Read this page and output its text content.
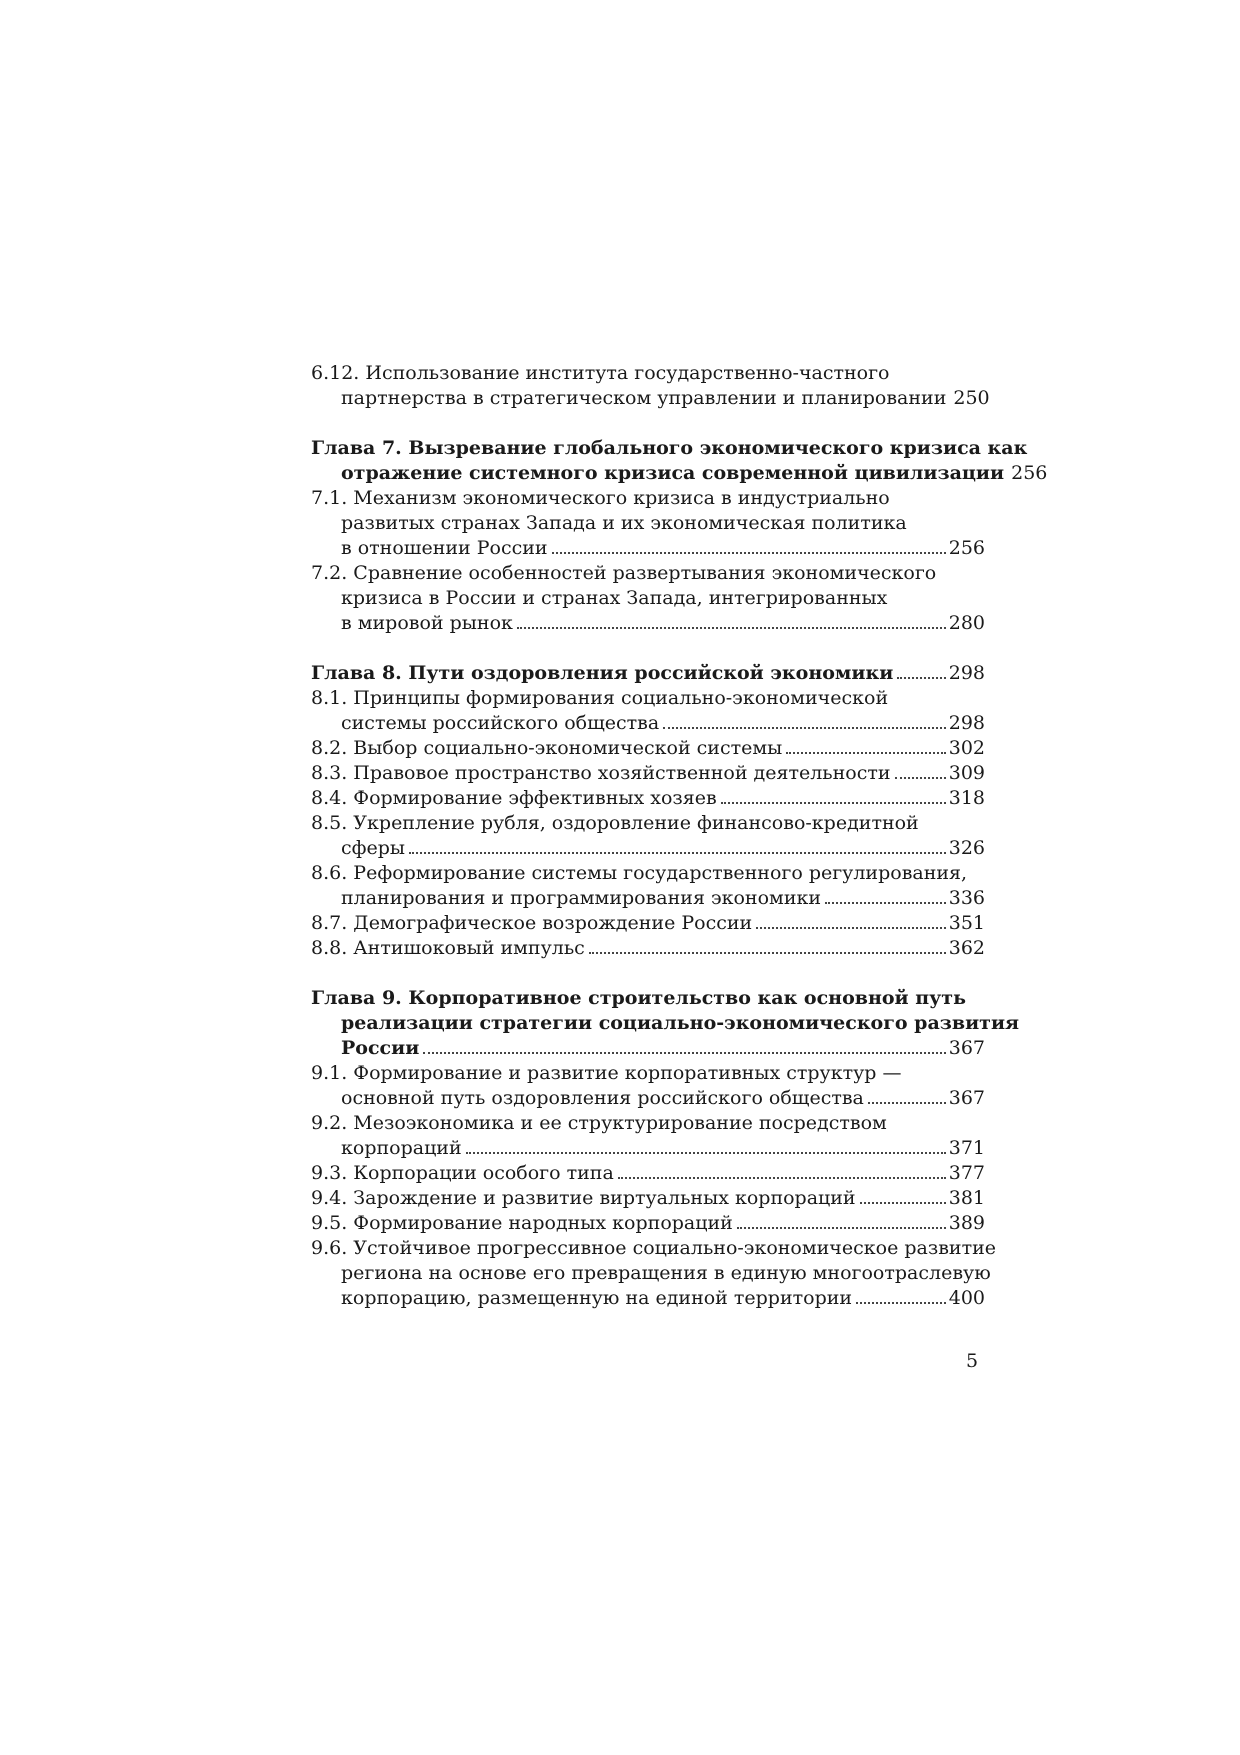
6.12. Использование института государственно-частного
партнерства в стратегическом управлении и планировании 250
Глава 7. Вызревание глобального экономического кризиса как
отражение системного кризиса современной цивилизации 256
7.1. Механизм экономического кризиса в индустриально
развитых странах Запада и их экономическая политика
в отношении России	256
7.2. Сравнение особенностей развертывания экономического
кризиса в России и странах Запада, интегрированных
в мировой рынок	280
Глава 8. Пути оздоровления российской экономики	298
8.1. Принципы формирования социально-экономической
системы российского общества	298
8.2. Выбор социально-экономической системы	302
8.3. Правовое пространство хозяйственной деятельности	309
8.4. Формирование эффективных хозяев	318
8.5. Укрепление рубля, оздоровление финансово-кредитной
сферы	326
8.6. Реформирование системы государственного регулирования,
планирования и программирования экономики	336
8.7. Демографическое возрождение России	351
8.8. Антишоковый импульс	362
Глава 9. Корпоративное строительство как основной путь
реализации стратегии социально-экономического развития
России	367
9.1. Формирование и развитие корпоративных структур —
основной путь оздоровления российского общества	367
9.2. Мезоэкономика и ее структурирование посредством
корпораций	371
9.3. Корпорации особого типа	377
9.4. Зарождение и развитие виртуальных корпораций	381
9.5. Формирование народных корпораций	389
9.6. Устойчивое прогрессивное социально-экономическое развитие
региона на основе его превращения в единую многоотраслевую
корпорацию, размещенную на единой территории	400
5
